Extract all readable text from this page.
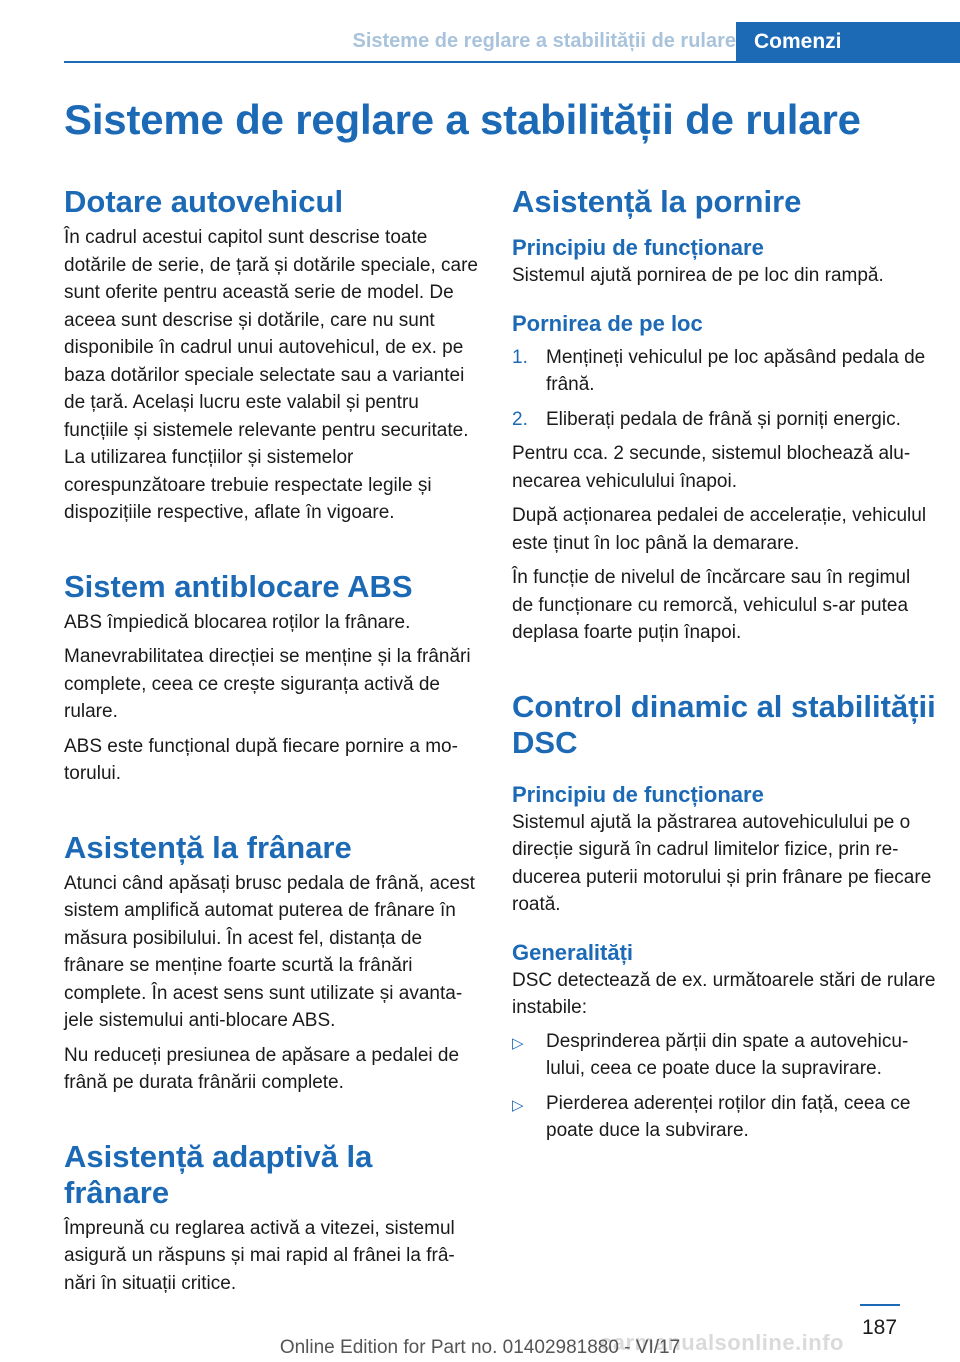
Sisteme de reglare a stabilității de rulare Comenzi
Sisteme de reglare a stabilității de rulare
Dotare autovehicul

În cadrul acestui capitol sunt descrise toate dotările de serie, de țară și dotările speciale, care sunt oferite pentru această serie de model. De aceea sunt descrise și dotările, care nu sunt disponibile în cadrul unui autovehicul, de ex. pe baza dotărilor speciale selectate sau a variantei de țară. Același lucru este valabil și pentru funcțiile și sistemele relevante pentru securitate. La utilizarea funcțiilor și sistemelor corespunzătoare trebuie respectate legile și dispozițiile respective, aflate în vigoare.

Sistem antiblocare ABS

ABS împiedică blocarea roților la frânare.

Manevrabilitatea direcției se menține și la frânări complete, ceea ce crește siguranța activă de rulare.

ABS este funcțional după fiecare pornire a motorului.

Asistență la frânare

Atunci când apăsați brusc pedala de frână, acest sistem amplifică automat puterea de frânare în măsura posibilului. În acest fel, distanța de frânare se menține foarte scurtă la frânări complete. În acest sens sunt utilizate și avantajele sistemului anti-blocare ABS.

Nu reduceți presiunea de apăsare a pedalei de frână pe durata frânării complete.

Asistență adaptivă la frânare

Împreună cu reglarea activă a vitezei, sistemul asigură un răspuns și mai rapid al frânei la frânări în situații critice.

Asistență la pornire
Principiu de funcționare

Sistemul ajută pornirea de pe loc din rampă.

Pornirea de pe loc
1. Mențineți vehiculul pe loc apăsând pedala de frână.
2. Eliberați pedala de frână și porniți energic.

Pentru cca. 2 secunde, sistemul blochează alunecarea vehiculului înapoi.

După acționarea pedalei de accelerație, vehiculul este ținut în loc până la demarare.

În funcție de nivelul de încărcare sau în regimul de funcționare cu remorcă, vehiculul s-ar putea deplasa foarte puțin înapoi.

Control dinamic al stabilității DSC
Principiu de funcționare

Sistemul ajută la păstrarea autovehiculului pe o direcție sigură în cadrul limitelor fizice, prin reducerea puterii motorului și prin frânare pe fiecare roată.

Generalități

DSC detectează de ex. următoarele stări de rulare instabile:

▷	Desprinderea părții din spate a autovehiculului, ceea ce poate duce la supravirare.
▷	Pierderea aderenței roților din față, ceea ce poate duce la subvirare.
187
carmanualsonline.info
Online Edition for Part no. 01402981880 - VI/17
